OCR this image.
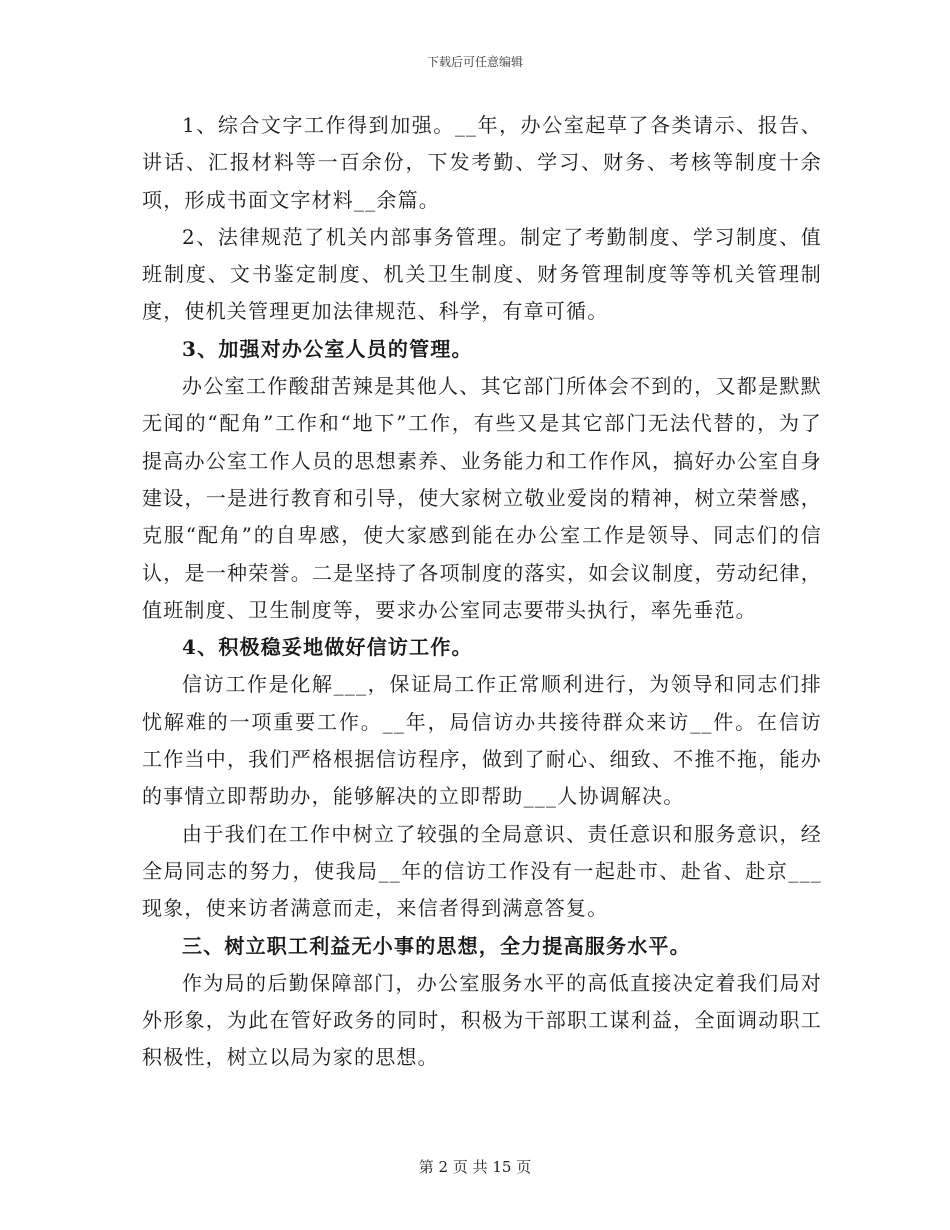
下载后可任意编辑

1、综合文字工作得到加强。__年，办公室起草了各类请示、报告、讲话、汇报材料等一百余份，下发考勤、学习、财务、考核等制度十余项，形成书面文字材料__余篇。

2、法律规范了机关内部事务管理。制定了考勤制度、学习制度、值班制度、文书鉴定制度、机关卫生制度、财务管理制度等等机关管理制度，使机关管理更加法律规范、科学，有章可循。

3、加强对办公室人员的管理。

办公室工作酸甜苦辣是其他人、其它部门所体会不到的，又都是默默无闻的“配角”工作和“地下”工作，有些又是其它部门无法代替的，为了提高办公室工作人员的思想素养、业务能力和工作作风，搞好办公室自身建设，一是进行教育和引导，使大家树立敬业爱岗的精神，树立荣誉感，克服“配角”的自卑感，使大家感到能在办公室工作是领导、同志们的信认，是一种荣誉。二是坚持了各项制度的落实，如会议制度，劳动纪律，值班制度、卫生制度等，要求办公室同志要带头执行，率先垂范。

4、积极稳妥地做好信访工作。

信访工作是化解___，保证局工作正常顺利进行，为领导和同志们排忧解难的一项重要工作。__年，局信访办共接待群众来访__件。在信访工作当中，我们严格根据信访程序，做到了耐心、细致、不推不拖，能办的事情立即帮助办，能够解决的立即帮助___人协调解决。

由于我们在工作中树立了较强的全局意识、责任意识和服务意识，经全局同志的努力，使我局__年的信访工作没有一起赴市、赴省、赴京___现象，使来访者满意而走，来信者得到满意答复。

三、树立职工利益无小事的思想，全力提高服务水平。

作为局的后勤保障部门，办公室服务水平的高低直接决定着我们局对外形象，为此在管好政务的同时，积极为干部职工谋利益，全面调动职工积极性，树立以局为家的思想。

第 2 页 共 15 页
